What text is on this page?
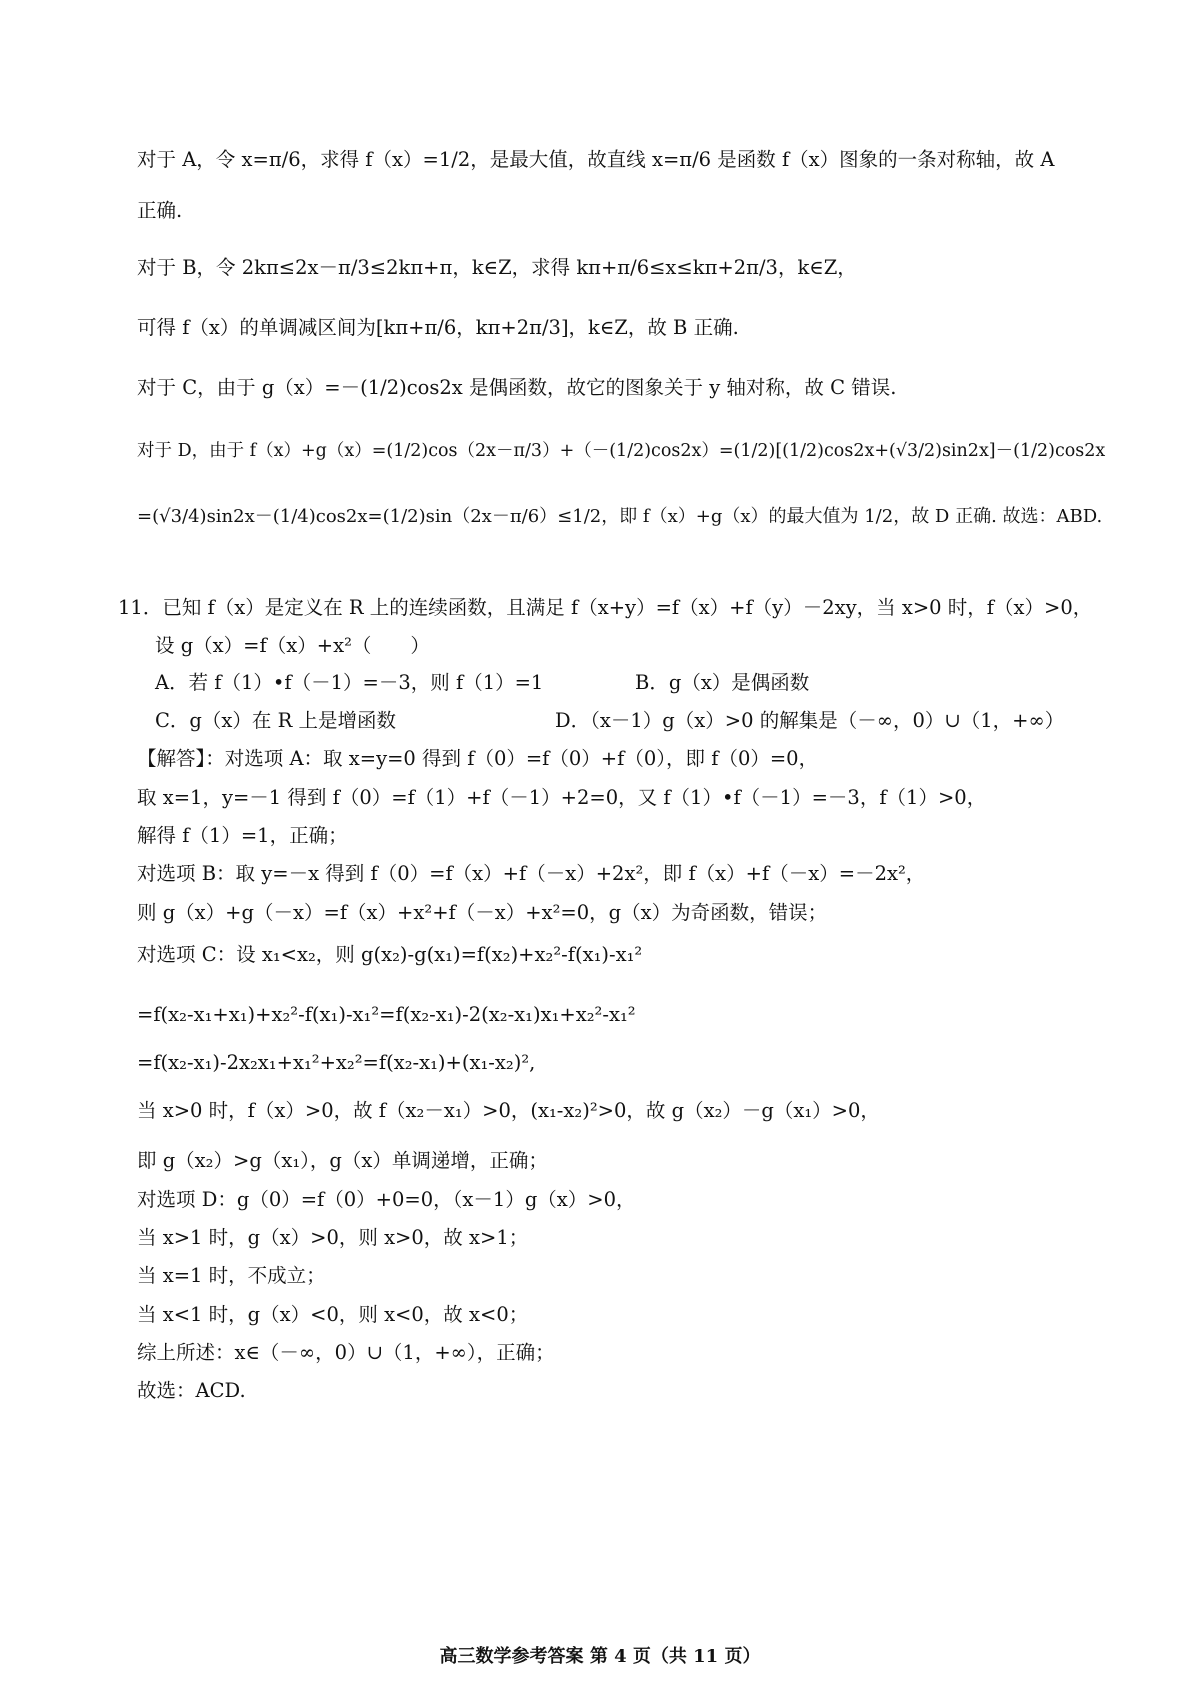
对于 A，令 x=π/6，求得 f（x）=1/2，是最大值，故直线 x=π/6 是函数 f（x）图象的一条对称轴，故 A
正确.
对于 B，令 2kπ≤2x－π/3≤2kπ+π，k∈Z，求得 kπ+π/6≤x≤kπ+2π/3，k∈Z，
可得 f（x）的单调减区间为[kπ+π/6，kπ+2π/3]，k∈Z，故 B 正确.
对于 C，由于 g（x）=－(1/2)cos2x 是偶函数，故它的图象关于 y 轴对称，故 C 错误.
对于 D，由于 f（x）+g（x）=(1/2)cos（2x－π/3）+（－(1/2)cos2x）=(1/2)[(1/2)cos2x+(√3/2)sin2x]－(1/2)cos2x
=(√3/4)sin2x－(1/4)cos2x=(1/2)sin（2x－π/6）≤1/2，即 f（x）+g（x）的最大值为 1/2，故 D 正确. 故选：ABD.
11．已知 f（x）是定义在 R 上的连续函数，且满足 f（x+y）=f（x）+f（y）－2xy，当 x>0 时，f（x）>0，
设 g（x）=f（x）+x²（　　）
A．若 f（1）•f（－1）=－3，则 f（1）=1	B．g（x）是偶函数
C．g（x）在 R 上是增函数	D．（x－1）g（x）>0 的解集是（－∞，0）∪（1，+∞）
【解答】：对选项 A：取 x=y=0 得到 f（0）=f（0）+f（0），即 f（0）=0，
取 x=1，y=－1 得到 f（0）=f（1）+f（－1）+2=0，又 f（1）•f（－1）=－3，f（1）>0，
解得 f（1）=1，正确；
对选项 B：取 y=－x 得到 f（0）=f（x）+f（－x）+2x²，即 f（x）+f（－x）=－2x²，
则 g（x）+g（－x）=f（x）+x²+f（－x）+x²=0，g（x）为奇函数，错误；
对选项 C：设 x₁<x₂，则 g(x₂)-g(x₁)=f(x₂)+x₂²-f(x₁)-x₁²
=f(x₂-x₁+x₁)+x₂²-f(x₁)-x₁²=f(x₂-x₁)-2(x₂-x₁)x₁+x₂²-x₁²
=f(x₂-x₁)-2x₂x₁+x₁²+x₂²=f(x₂-x₁)+(x₁-x₂)²,
当 x>0 时，f（x）>0，故 f（x₂－x₁）>0，(x₁-x₂)²>0，故 g（x₂）－g（x₁）>0，
即 g（x₂）>g（x₁），g（x）单调递增，正确；
对选项 D：g（0）=f（0）+0=0，（x－1）g（x）>0，
当 x>1 时，g（x）>0，则 x>0，故 x>1；
当 x=1 时，不成立；
当 x<1 时，g（x）<0，则 x<0，故 x<0；
综上所述：x∈（－∞，0）∪（1，+∞），正确；
故选：ACD.
高三数学参考答案 第 4 页（共 11 页）
